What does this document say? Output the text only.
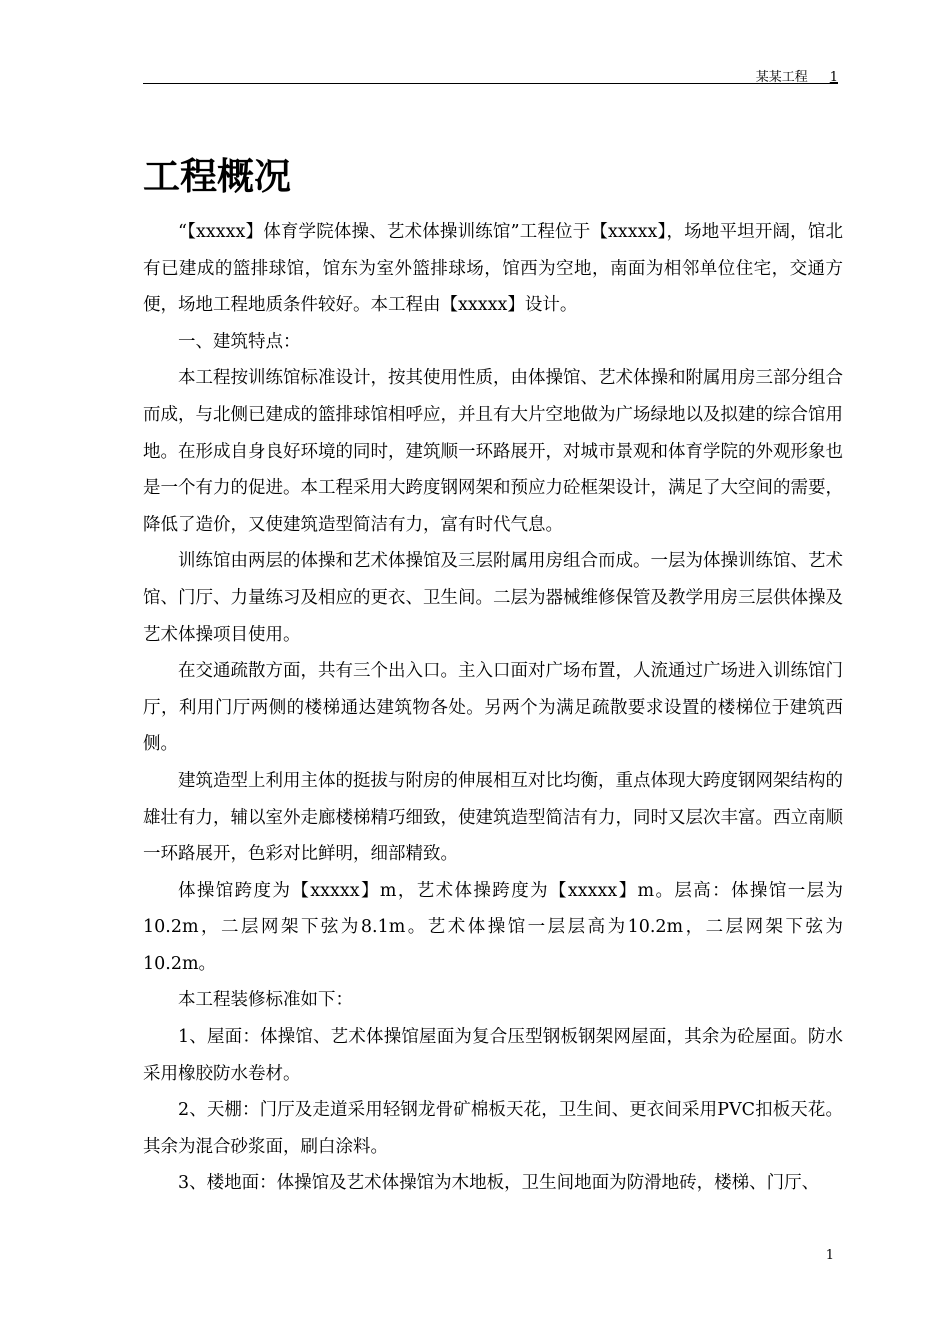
某某工程 1
工程概况

“【xxxxx】体育学院体操、艺术体操训练馆”工程位于【xxxxx】，场地平坦开阔，馆北有已建成的篮排球馆，馆东为室外篮排球场，馆西为空地，南面为相邻单位住宅，交通方便，场地工程地质条件较好。本工程由【xxxxx】设计。

一、建筑特点：

本工程按训练馆标准设计，按其使用性质，由体操馆、艺术体操和附属用房三部分组合而成，与北侧已建成的篮排球馆相呼应，并且有大片空地做为广场绿地以及拟建的综合馆用地。在形成自身良好环境的同时，建筑顺一环路展开，对城市景观和体育学院的外观形象也是一个有力的促进。本工程采用大跨度钢网架和预应力砼框架设计，满足了大空间的需要，降低了造价，又使建筑造型简洁有力，富有时代气息。

训练馆由两层的体操和艺术体操馆及三层附属用房组合而成。一层为体操训练馆、艺术馆、门厅、力量练习及相应的更衣、卫生间。二层为器械维修保管及教学用房三层供体操及艺术体操项目使用。

在交通疏散方面，共有三个出入口。主入口面对广场布置，人流通过广场进入训练馆门厅，利用门厅两侧的楼梯通达建筑物各处。另两个为满足疏散要求设置的楼梯位于建筑西侧。

建筑造型上利用主体的挺拔与附房的伸展相互对比均衡，重点体现大跨度钢网架结构的雄壮有力，辅以室外走廊楼梯精巧细致，使建筑造型简洁有力，同时又层次丰富。西立南顺一环路展开，色彩对比鲜明，细部精致。

体操馆跨度为【xxxxx】m，艺术体操跨度为【xxxxx】m。层高：体操馆一层为10.2m，二层网架下弦为8.1m。艺术体操馆一层层高为10.2m，二层网架下弦为10.2m。

本工程装修标准如下：

1、屋面：体操馆、艺术体操馆屋面为复合压型钢板钢架网屋面，其余为砼屋面。防水采用橡胶防水卷材。

2、天棚：门厅及走道采用轻钢龙骨矿棉板天花，卫生间、更衣间采用PVC扣板天花。其余为混合砂浆面，刷白涂料。

3、楼地面：体操馆及艺术体操馆为木地板，卫生间地面为防滑地砖，楼梯、门厅、

1
